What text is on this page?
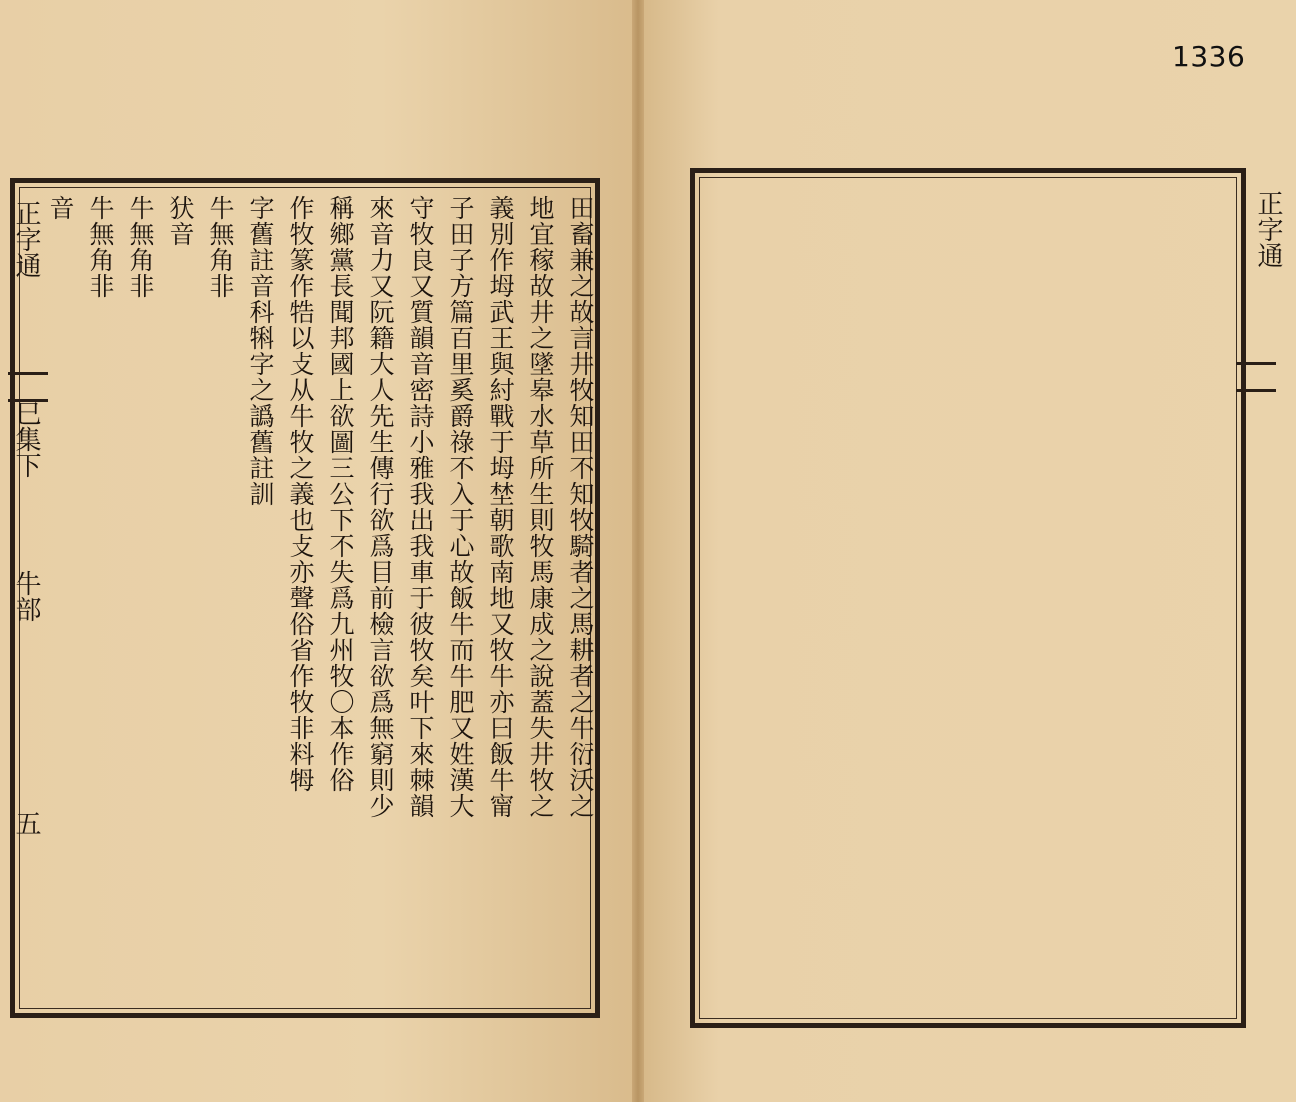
1336
正字通
巳集下
牛部
五
正字通
田畜兼之故言井牧知田不知牧騎者之馬耕者之牛衍沃之
地宜稼故井之墜皋水草所生則牧馬康成之說蓋失井牧之
義別作坶武王與紂戰于坶埜朝歌南地又牧牛亦曰飯牛甯
子田子方篇百里奚爵祿不入于心故飯牛而牛肥又姓漢大
守牧良又質韻音密詩小雅我出我車于彼牧矣叶下來棘韻
來音力又阮籍大人先生傳行欲爲目前檢言欲爲無窮則少
稱鄉黨長聞邦國上欲圖三公下不失爲九州牧〇本作俗
作牧篆作牿以攴从牛牧之義也攴亦聲俗省作牧非料牳
字舊註音科犐字之譌舊註訓
牛無角非
犾音
牛無角非
牛無角非
音
